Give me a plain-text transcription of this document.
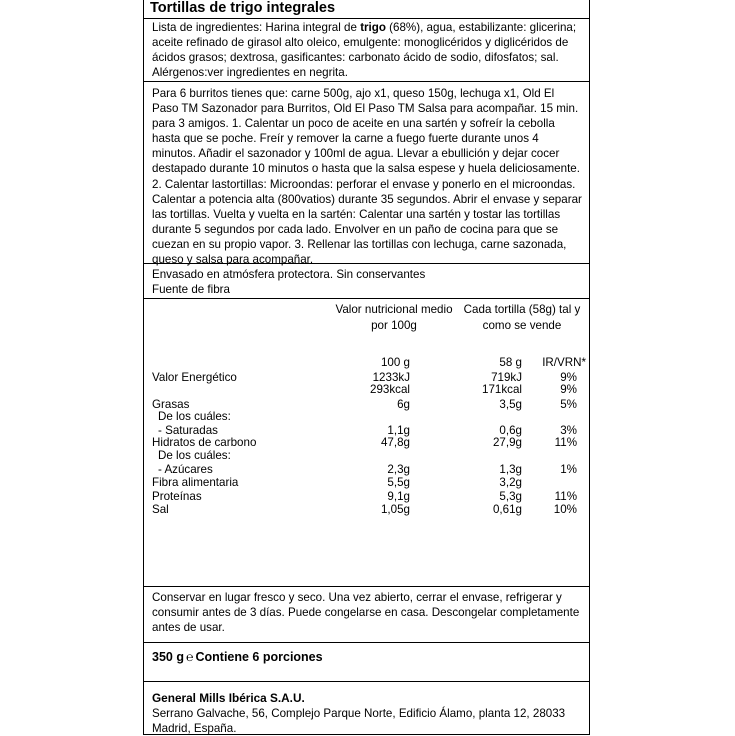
Tortillas de trigo integrales

Lista de ingredientes: Harina integral de trigo (68%), agua, estabilizante: glicerina; aceite refinado de girasol alto oleico, emulgente: monoglicéridos y diglicéridos de ácidos grasos; dextrosa, gasificantes: carbonato ácido de sodio, difosfatos; sal. Alérgenos:ver ingredientes en negrita.

Para 6 burritos tienes que: carne 500g, ajo x1, queso 150g, lechuga x1, Old El Paso TM Sazonador para Burritos, Old El Paso TM Salsa para acompañar. 15 min. para 3 amigos. 1. Calentar un poco de aceite en una sartén y sofreír la cebolla hasta que se poche. Freír y remover la carne a fuego fuerte durante unos 4 minutos. Añadir el sazonador y 100ml de agua. Llevar a ebullición y dejar cocer destapado durante 10 minutos o hasta que la salsa espese y huela deliciosamente. 2. Calentar lastortillas: Microondas: perforar el envase y ponerlo en el microondas. Calentar a potencia alta (800vatios) durante 35 segundos. Abrir el envase y separar las tortillas. Vuelta y vuelta en la sartén: Calentar una sartén y tostar las tortillas durante 5 segundos por cada lado. Envolver en un paño de cocina para que se cuezan en su propio vapor. 3. Rellenar las tortillas con lechuga, carne sazonada, queso y salsa para acompañar.

Envasado en atmósfera protectora. Sin conservantes
Fuente de fibra
Valor nutricional medio por 100g
Cada tortilla (58g) tal y como se vende
100 g	58 g	IR/VRN*
Valor Energético	1233kJ	719kJ	9%
293kcal	171kcal	9%
Grasas	6g	3,5g	5%
De los cuáles:
- Saturadas	1,1g	0,6g	3%
Hidratos de carbono	47,8g	27,9g	11%
De los cuáles:
- Azúcares	2,3g	1,3g	1%
Fibra alimentaria	5,5g	3,2g
Proteínas	9,1g	5,3g	11%
Sal	1,05g	0,61g	10%

Conservar en lugar fresco y seco. Una vez abierto, cerrar el envase, refrigerar y consumir antes de 3 días. Puede congelarse en casa. Descongelar completamente antes de usar.

350 g ℮ Contiene 6 porciones
General Mills Ibérica S.A.U.

Serrano Galvache, 56, Complejo Parque Norte, Edificio Álamo, planta 12, 28033 Madrid, España.
